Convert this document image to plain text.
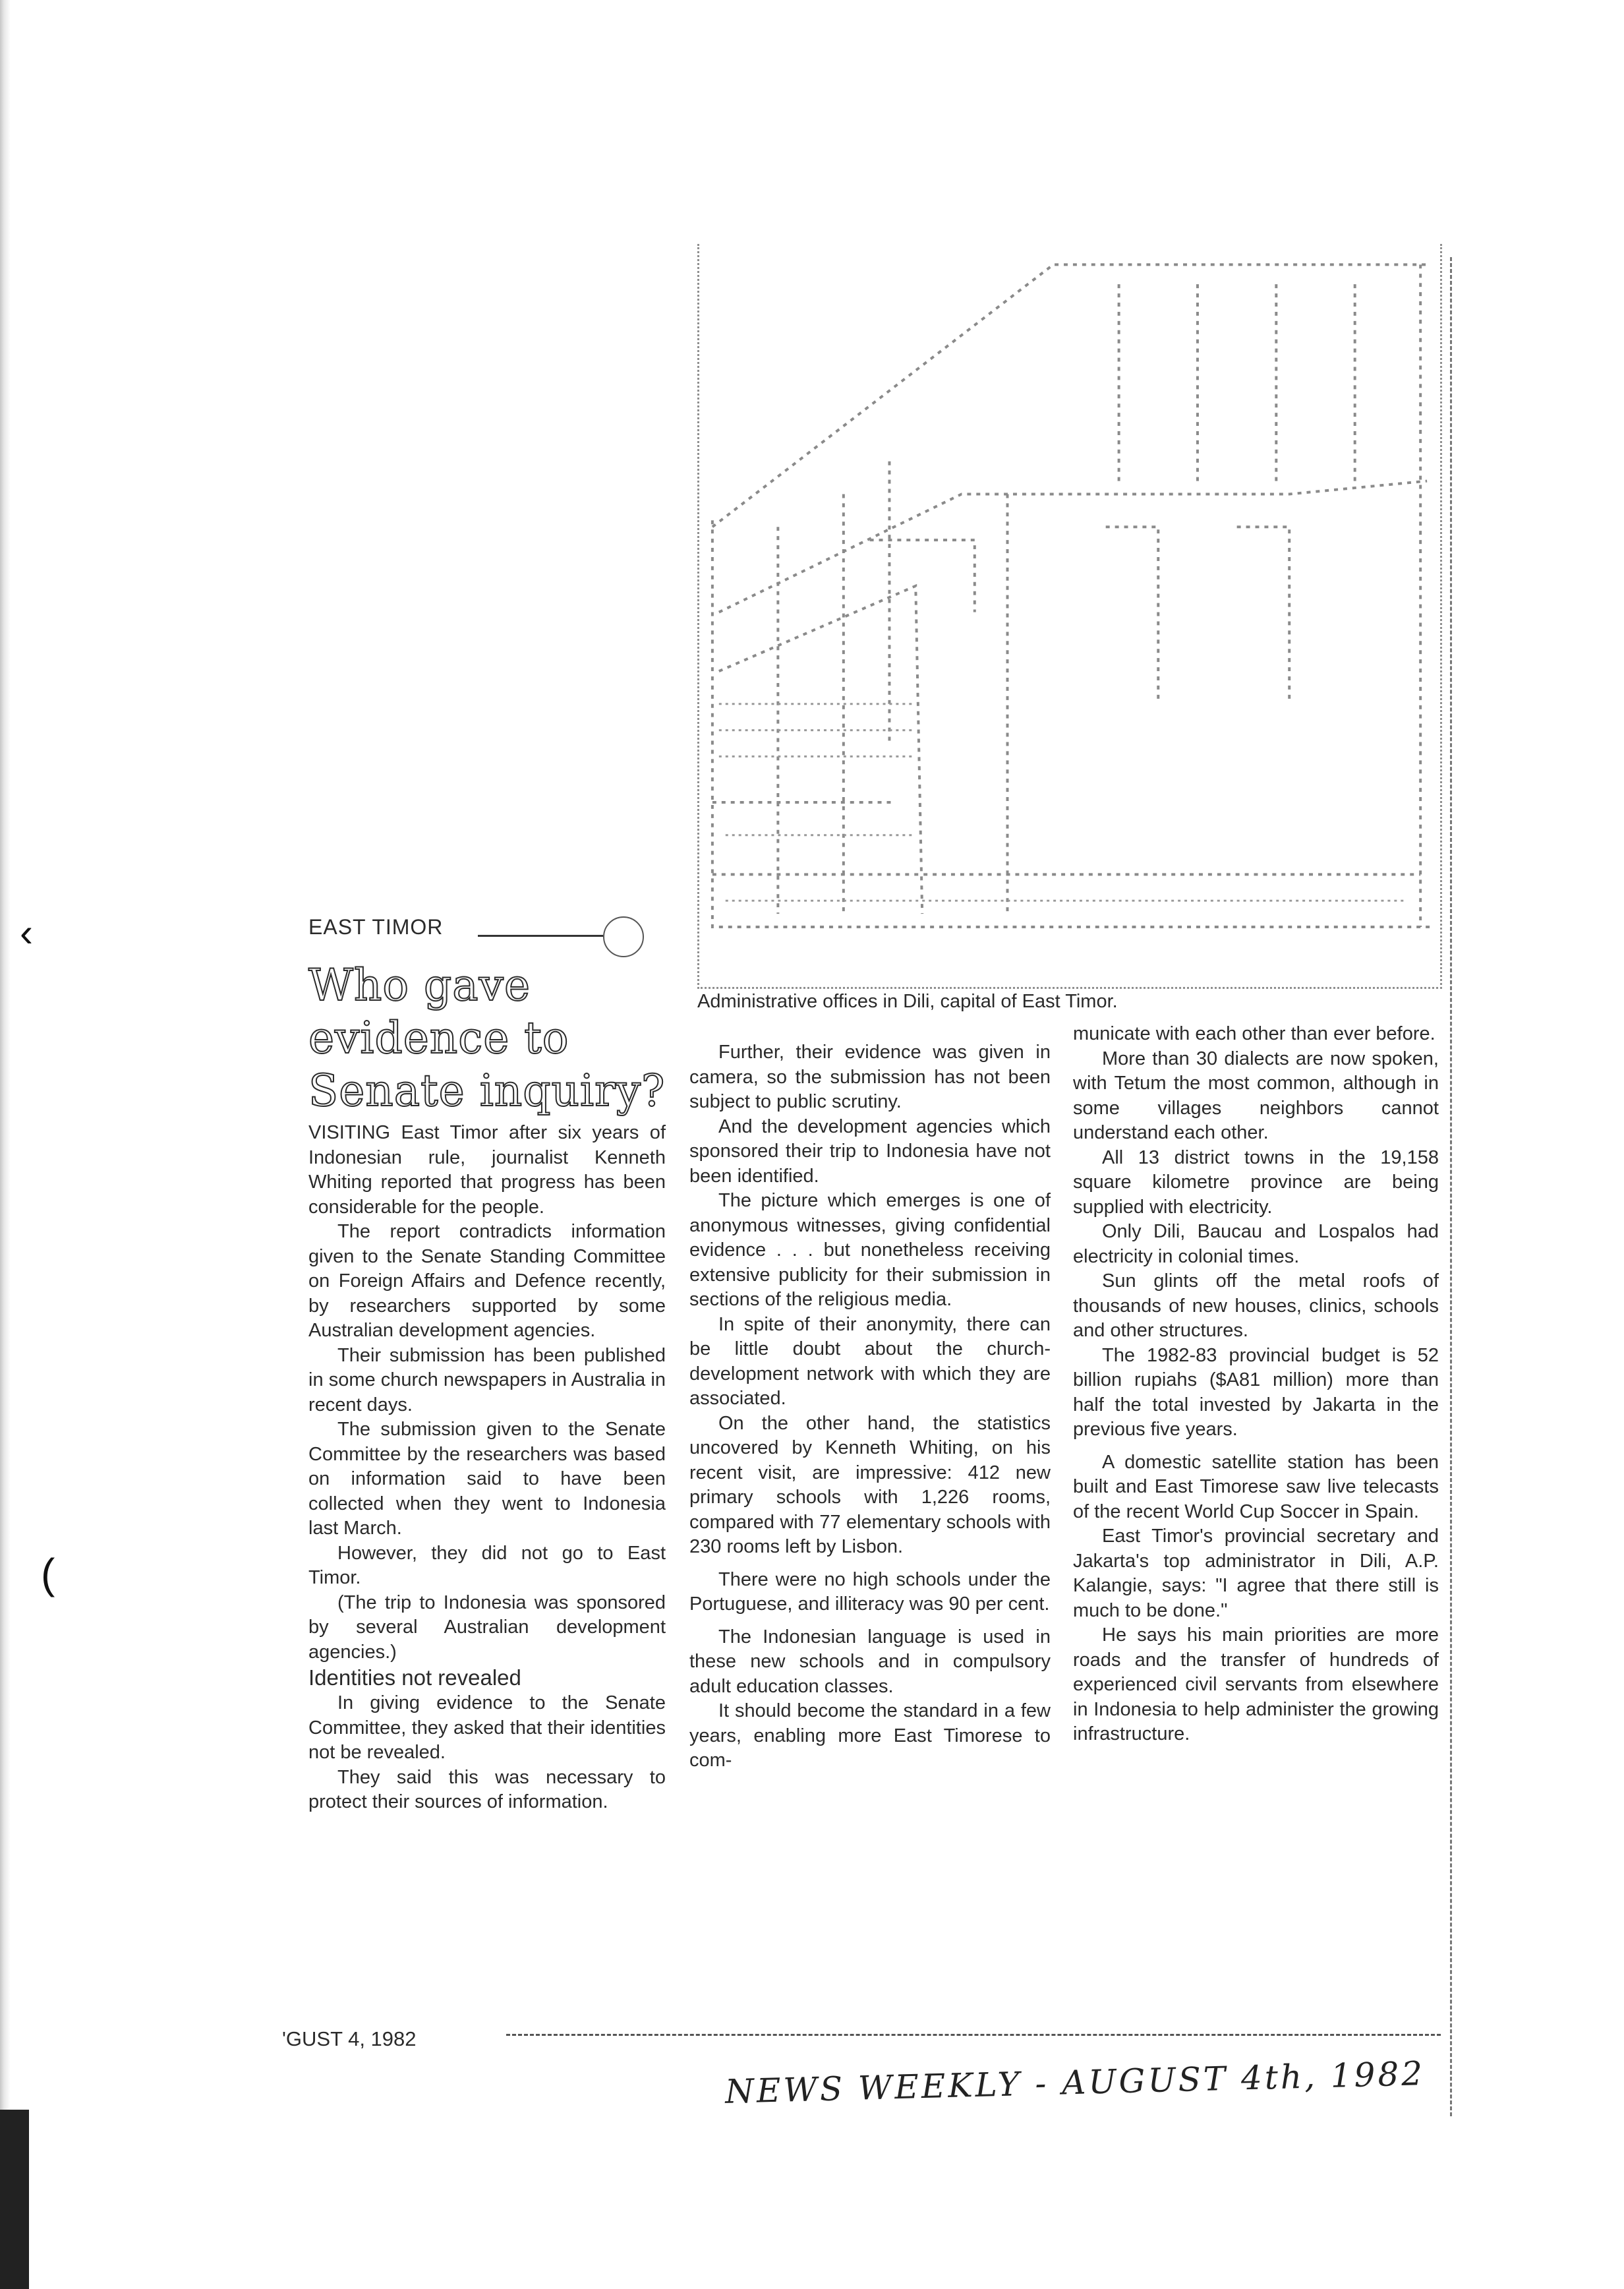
‹
(
Administrative offices in Dili, capital of East Timor.
EAST TIMOR
Who gave evidence to Senate inquiry?

VISITING East Timor after six years of Indonesian rule, journalist Kenneth Whiting reported that progress has been considerable for the people.

The report contradicts information given to the Senate Standing Committee on Foreign Affairs and Defence recently, by researchers supported by some Australian development agencies.

Their submission has been published in some church newspapers in Australia in recent days.

The submission given to the Senate Committee by the researchers was based on information said to have been collected when they went to Indonesia last March.

However, they did not go to East Timor.

(The trip to Indonesia was sponsored by several Australian development agencies.)

Identities not revealed

In giving evidence to the Senate Committee, they asked that their identities not be revealed.

They said this was necessary to protect their sources of information.

Further, their evidence was given in camera, so the submission has not been subject to public scrutiny.

And the development agencies which sponsored their trip to Indonesia have not been identified.

The picture which emerges is one of anonymous witnesses, giving confidential evidence . . . but nonetheless receiving extensive publicity for their submission in sections of the religious media.

In spite of their anonymity, there can be little doubt about the church-development network with which they are associated.

On the other hand, the statistics uncovered by Kenneth Whiting, on his recent visit, are impressive: 412 new primary schools with 1,226 rooms, compared with 77 elementary schools with 230 rooms left by Lisbon.

There were no high schools under the Portuguese, and illiteracy was 90 per cent.

The Indonesian language is used in these new schools and in compulsory adult education classes.

It should become the standard in a few years, enabling more East Timorese to com-

municate with each other than ever before.

More than 30 dialects are now spoken, with Tetum the most common, although in some villages neighbors cannot understand each other.

All 13 district towns in the 19,158 square kilometre province are being supplied with electricity.

Only Dili, Baucau and Lospalos had electricity in colonial times.

Sun glints off the metal roofs of thousands of new houses, clinics, schools and other structures.

The 1982-83 provincial budget is 52 billion rupiahs ($A81 million) more than half the total invested by Jakarta in the previous five years.

A domestic satellite station has been built and East Timorese saw live telecasts of the recent World Cup Soccer in Spain.

East Timor's provincial secretary and Jakarta's top administrator in Dili, A.P. Kalangie, says: "I agree that there still is much to be done."

He says his main priorities are more roads and the transfer of hundreds of experienced civil servants from elsewhere in Indonesia to help administer the growing infrastructure.

'GUST 4, 1982
NEWS WEEKLY - AUGUST 4th, 1982
